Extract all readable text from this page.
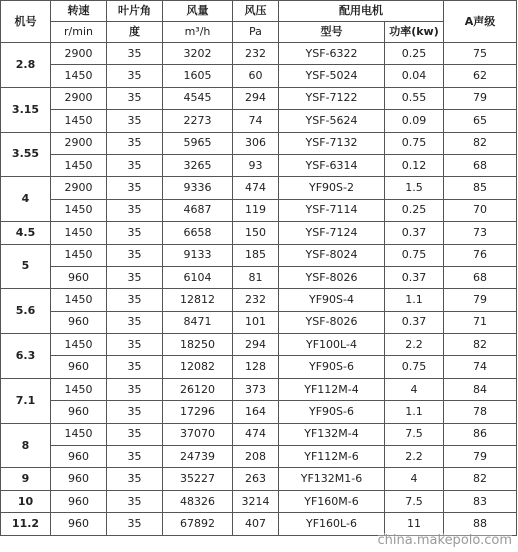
机号	转速	叶片角	风量	风压	配用电机		A声级
	r/min	度	m³/h	Pa	型号	功率(kw)	
2.8	2900	35	3202	232	YSF-6322	0.25	75
	1450	35	1605	60	YSF-5024	0.04	62
3.15	2900	35	4545	294	YSF-7122	0.55	79
	1450	35	2273	74	YSF-5624	0.09	65
3.55	2900	35	5965	306	YSF-7132	0.75	82
	1450	35	3265	93	YSF-6314	0.12	68
4	2900	35	9336	474	YF90S-2	1.5	85
	1450	35	4687	119	YSF-7114	0.25	70
4.5	1450	35	6658	150	YSF-7124	0.37	73
5	1450	35	9133	185	YSF-8024	0.75	76
	960	35	6104	81	YSF-8026	0.37	68
5.6	1450	35	12812	232	YF90S-4	1.1	79
	960	35	8471	101	YSF-8026	0.37	71
6.3	1450	35	18250	294	YF100L-4	2.2	82
	960	35	12082	128	YF90S-6	0.75	74
7.1	1450	35	26120	373	YF112M-4	4	84
	960	35	17296	164	YF90S-6	1.1	78
8	1450	35	37070	474	YF132M-4	7.5	86
	960	35	24739	208	YF112M-6	2.2	79
9	960	35	35227	263	YF132M1-6	4	82
10	960	35	48326	3214	YF160M-6	7.5	83
11.2	960	35	67892	407	YF160L-6	11	88
china.makepolo.com
